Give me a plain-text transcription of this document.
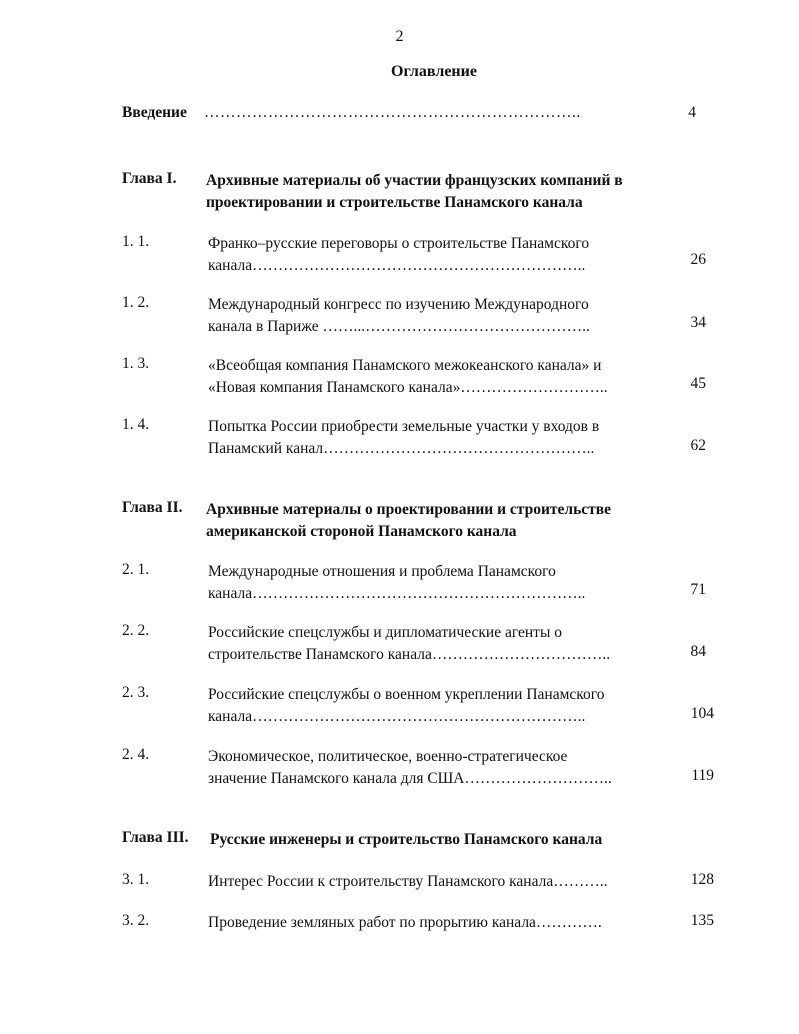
2
Оглавление
Введение ……………………………………………………………..	4
Глава I. Архивные материалы об участии французских компаний в
проектировании и строительстве Панамского канала
1. 1.	Франко–русские переговоры о строительстве Панамского
канала………………………………………………………..	26
1. 2.	Международный конгресс по изучению Международного
канала в Париже ……...……………………………………..	34
1. 3.	«Всеобщая компания Панамского межокеанского канала» и
«Новая компания Панамского канала»………………………..	45
1. 4.	Попытка России приобрести земельные участки у входов в
Панамский канал……………………………………………..	62
Глава II. Архивные материалы о проектировании и строительстве
американской стороной Панамского канала
2. 1.	Международные отношения и проблема Панамского
канала………………………………………………………..	71
2. 2.	Российские спецслужбы и дипломатические агенты о
строительстве Панамского канала……………………………..	84
2. 3.	Российские спецслужбы о военном укреплении Панамского
канала………………………………………………………..	104
2. 4.	Экономическое, политическое, военно-стратегическое
значение Панамского канала для США………………………..	119
Глава III. Русские инженеры и строительство Панамского канала
3. 1.	Интерес России к строительству Панамского канала………..	128
3. 2.	Проведение земляных работ по прорытию канала………….	135
